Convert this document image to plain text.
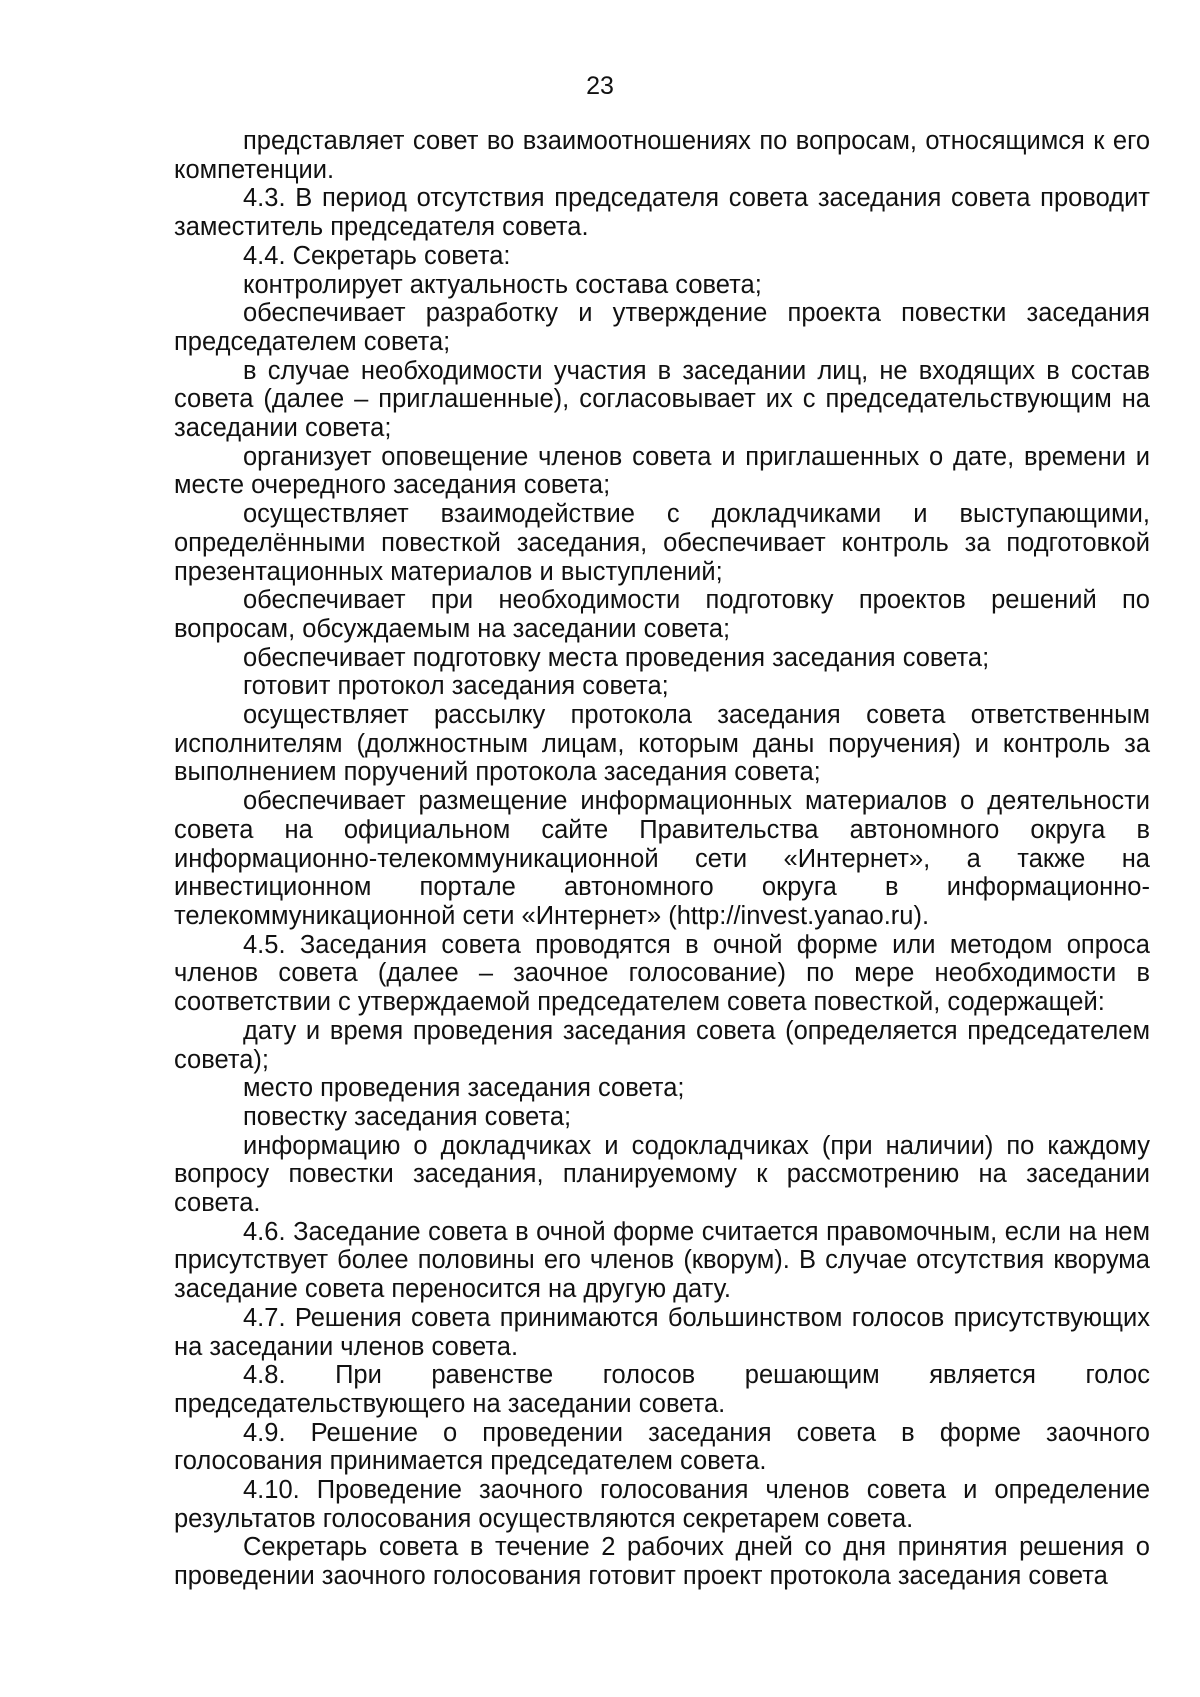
23

представляет совет во взаимоотношениях по вопросам, относящимся к его компетенции.

4.3. В период отсутствия председателя совета заседания совета проводит заместитель председателя совета.

4.4. Секретарь совета:

контролирует актуальность состава совета;

обеспечивает разработку и утверждение проекта повестки заседания председателем совета;

в случае необходимости участия в заседании лиц, не входящих в состав совета (далее – приглашенные), согласовывает их с председательствующим на заседании совета;

организует оповещение членов совета и приглашенных о дате, времени и месте очередного заседания совета;

осуществляет взаимодействие с докладчиками и выступающими, определёнными повесткой заседания, обеспечивает контроль за подготовкой презентационных материалов и выступлений;

обеспечивает при необходимости подготовку проектов решений по вопросам, обсуждаемым на заседании совета;

обеспечивает подготовку места проведения заседания совета;

готовит протокол заседания совета;

осуществляет рассылку протокола заседания совета ответственным исполнителям (должностным лицам, которым даны поручения) и контроль за выполнением поручений протокола заседания совета;

обеспечивает размещение информационных материалов о деятельности совета на официальном сайте Правительства автономного округа в информационно-телекоммуникационной сети «Интернет», а также на инвестиционном портале автономного округа в информационно-телекоммуникационной сети «Интернет» (http://invest.yanao.ru).

4.5. Заседания совета проводятся в очной форме или методом опроса членов совета (далее – заочное голосование) по мере необходимости в соответствии с утверждаемой председателем совета повесткой, содержащей:

дату и время проведения заседания совета (определяется председателем совета);

место проведения заседания совета;

повестку заседания совета;

информацию о докладчиках и содокладчиках (при наличии) по каждому вопросу повестки заседания, планируемому к рассмотрению на заседании совета.

4.6. Заседание совета в очной форме считается правомочным, если на нем присутствует более половины его членов (кворум). В случае отсутствия кворума заседание совета переносится на другую дату.

4.7. Решения совета принимаются большинством голосов присутствующих на заседании членов совета.

4.8. При равенстве голосов решающим является голос председательствующего на заседании совета.

4.9. Решение о проведении заседания совета в форме заочного голосования принимается председателем совета.

4.10. Проведение заочного голосования членов совета и определение результатов голосования осуществляются секретарем совета.

Секретарь совета в течение 2 рабочих дней со дня принятия решения о проведении заочного голосования готовит проект протокола заседания совета
